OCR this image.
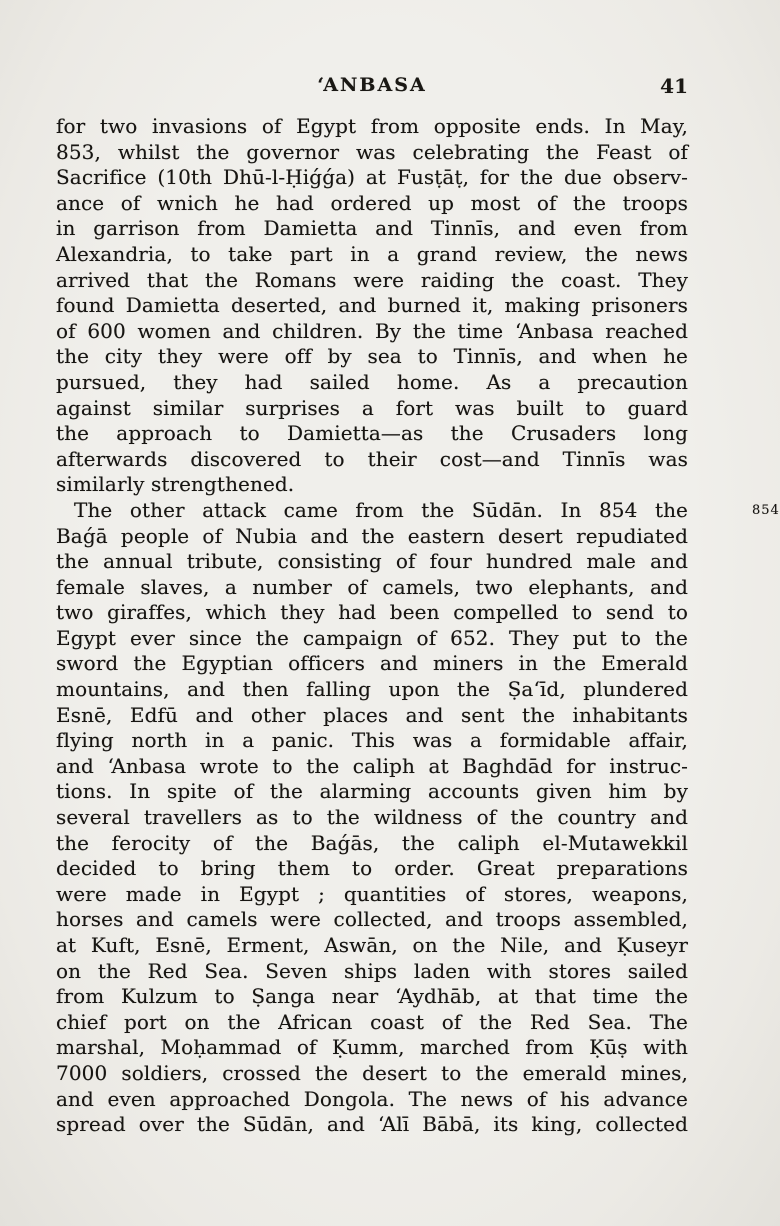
‘ANBASA	41
for two invasions of Egypt from opposite ends. In May,
853, whilst the governor was celebrating the Feast of
Sacrifice (10th Dhū-l-Ḥiǵǵa) at Fusṭāṭ, for the due observ-
ance of wnich he had ordered up most of the troops
in garrison from Damietta and Tinnīs, and even from
Alexandria, to take part in a grand review, the news
arrived that the Romans were raiding the coast. They
found Damietta deserted, and burned it, making prisoners
of 600 women and children. By the time ‘Anbasa reached
the city they were off by sea to Tinnīs, and when he
pursued, they had sailed home. As a precaution
against similar surprises a fort was built to guard
the approach to Damietta—as the Crusaders long
afterwards discovered to their cost—and Tinnīs was
similarly strengthened.
The other attack came from the Sūdān. In 854 the	854
Baǵā people of Nubia and the eastern desert repudiated
the annual tribute, consisting of four hundred male and
female slaves, a number of camels, two elephants, and
two giraffes, which they had been compelled to send to
Egypt ever since the campaign of 652. They put to the
sword the Egyptian officers and miners in the Emerald
mountains, and then falling upon the Ṣa‘īd, plundered
Esnē, Edfū and other places and sent the inhabitants
flying north in a panic. This was a formidable affair,
and ‘Anbasa wrote to the caliph at Baghdād for instruc-
tions. In spite of the alarming accounts given him by
several travellers as to the wildness of the country and
the ferocity of the Baǵās, the caliph el-Mutawekkil
decided to bring them to order. Great preparations
were made in Egypt ; quantities of stores, weapons,
horses and camels were collected, and troops assembled,
at Kuft, Esnē, Erment, Aswān, on the Nile, and Ḳuseyr
on the Red Sea. Seven ships laden with stores sailed
from Kulzum to Ṣanga near ‘Aydhāb, at that time the
chief port on the African coast of the Red Sea. The
marshal, Moḥammad of Ḳumm, marched from Ḳūṣ with
7000 soldiers, crossed the desert to the emerald mines,
and even approached Dongola. The news of his advance
spread over the Sūdān, and ‘Alī Bābā, its king, collected
